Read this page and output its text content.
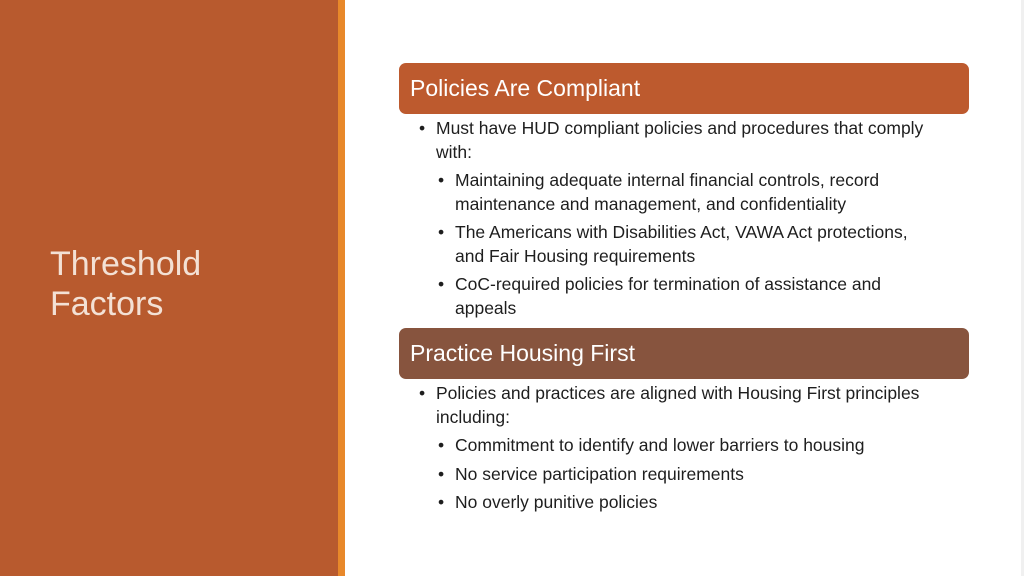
Threshold
Factors
Policies Are Compliant
• Must have HUD compliant policies and procedures that comply with:
• Maintaining adequate internal financial controls, record maintenance and management, and confidentiality
• The Americans with Disabilities Act, VAWA Act protections, and Fair Housing requirements
• CoC-required policies for termination of assistance and appeals
Practice Housing First
• Policies and practices are aligned with Housing First principles including:
• Commitment to identify and lower barriers to housing
• No service participation requirements
• No overly punitive policies
